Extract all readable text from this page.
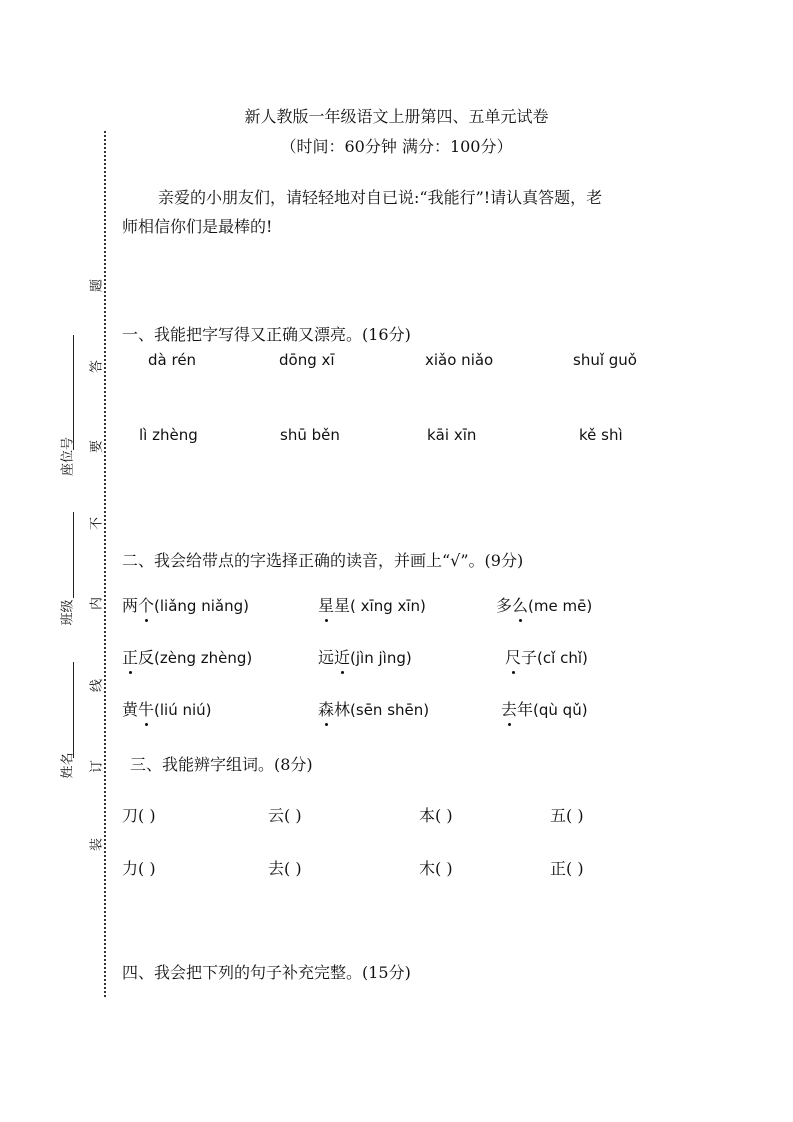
新人教版一年级语文上册第四、五单元试卷
（时间：60分钟 满分：100分）
亲爱的小朋友们，请轻轻地对自已说:“我能行”!请认真答题，老
师相信你们是最棒的!
题
答
要
不
内
线
订
装
座位号
班级
姓名
一、我能把字写得又正确又漂亮。(16分)
dà rén	dōng xī	xiǎo niǎo	shuǐ guǒ
lì zhèng	shū běn	kāi xīn	kě shì
二、我会给带点的字选择正确的读音，并画上“√”。(9分)
两个(liǎng niǎng)	星星( xīng xīn)	多么(me mē)
正反(zèng zhèng)	远近(jìn jìng)	尺子(cǐ chǐ)
黄牛(liú niú)	森林(sēn shēn)	去年(qù qǔ)
三、我能辨字组词。(8分)
刀( )	云( )	本( )	五( )
力( )	去( )	木( )	正( )
四、我会把下列的句子补充完整。(15分)
